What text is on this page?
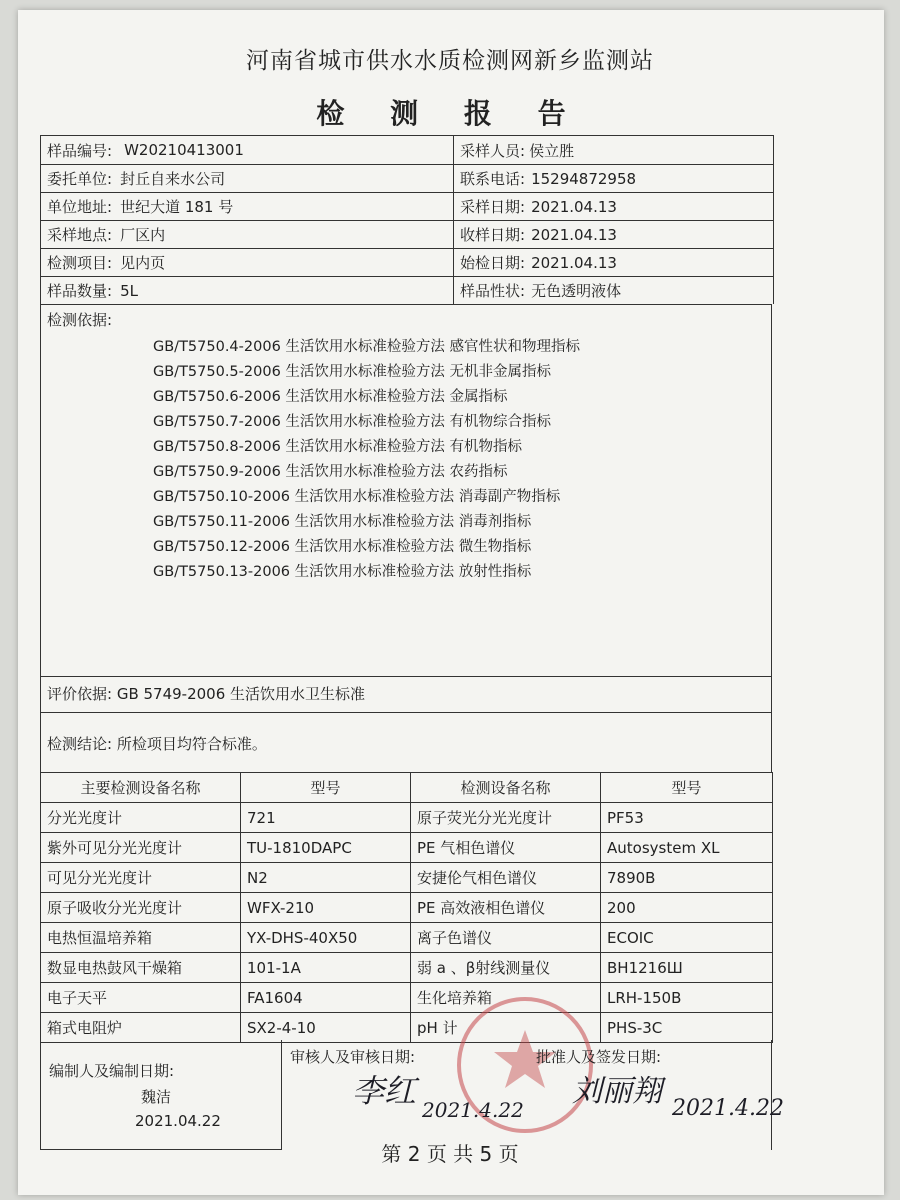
河南省城市供水水质检测网新乡监测站
检 测 报 告
样品编号: W20210413001	采样人员: 侯立胜
委托单位: 封丘自来水公司	联系电话: 15294872958
单位地址: 世纪大道 181 号	采样日期: 2021.04.13
采样地点: 厂区内	收样日期: 2021.04.13
检测项目: 见内页	始检日期: 2021.04.13
样品数量: 5L	样品性状: 无色透明液体
检测依据:
GB/T5750.4-2006 生活饮用水标准检验方法 感官性状和物理指标
GB/T5750.5-2006 生活饮用水标准检验方法 无机非金属指标
GB/T5750.6-2006 生活饮用水标准检验方法 金属指标
GB/T5750.7-2006 生活饮用水标准检验方法 有机物综合指标
GB/T5750.8-2006 生活饮用水标准检验方法 有机物指标
GB/T5750.9-2006 生活饮用水标准检验方法 农药指标
GB/T5750.10-2006 生活饮用水标准检验方法 消毒副产物指标
GB/T5750.11-2006 生活饮用水标准检验方法 消毒剂指标
GB/T5750.12-2006 生活饮用水标准检验方法 微生物指标
GB/T5750.13-2006 生活饮用水标准检验方法 放射性指标
评价依据: GB 5749-2006 生活饮用水卫生标准
检测结论: 所检项目均符合标准。
主要检测设备名称	型号	检测设备名称	型号
分光光度计	721	原子荧光分光光度计	PF53
紫外可见分光光度计	TU-1810DAPC	PE 气相色谱仪	Autosystem XL
可见分光光度计	N2	安捷伦气相色谱仪	7890B
原子吸收分光光度计	WFX-210	PE 高效液相色谱仪	200
电热恒温培养箱	YX-DHS-40X50	离子色谱仪	ECOIC
数显电热鼓风干燥箱	101-1A	弱 a 、β射线测量仪	BH1216Ш
电子天平	FA1604	生化培养箱	LRH-150B
箱式电阻炉	SX2-4-10	pH 计	PHS-3C
编制人及编制日期:
魏洁
2021.04.22
审核人及审核日期:
李红 2021.4.22
批准人及签发日期:
刘丽翔 2021.4.22
第 2 页 共 5 页
